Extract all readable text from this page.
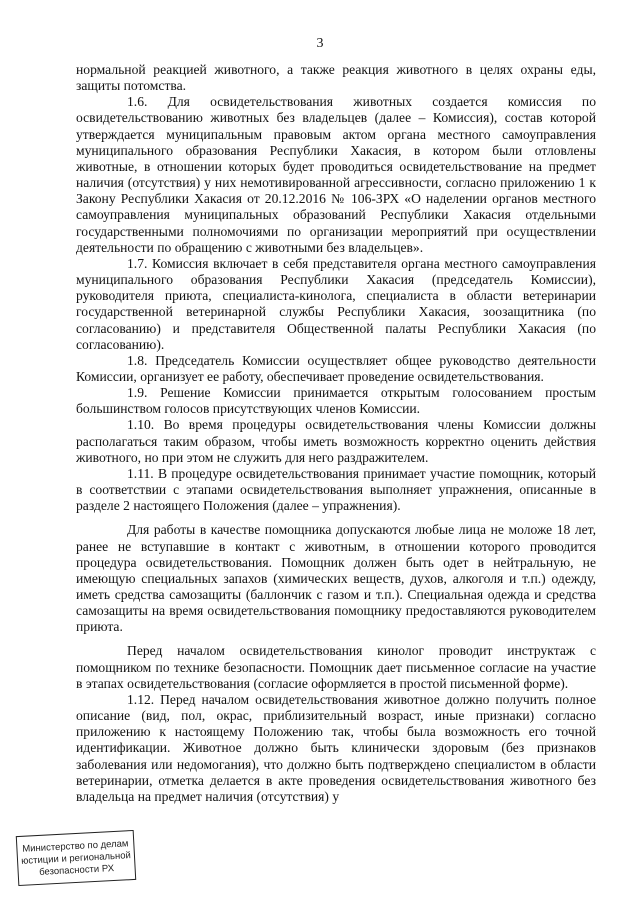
3

нормальной реакцией животного, а также реакция животного в целях охраны еды, защиты потомства.

1.6. Для освидетельствования животных создается комиссия по освидетельствованию животных без владельцев (далее – Комиссия), состав которой утверждается муниципальным правовым актом органа местного самоуправления муниципального образования Республики Хакасия, в котором были отловлены животные, в отношении которых будет проводиться освидетельствование на предмет наличия (отсутствия) у них немотивированной агрессивности, согласно приложению 1 к Закону Республики Хакасия от 20.12.2016 № 106-ЗРХ «О наделении органов местного самоуправления муниципальных образований Республики Хакасия отдельными государственными полномочиями по организации мероприятий при осуществлении деятельности по обращению с животными без владельцев».

1.7. Комиссия включает в себя представителя органа местного самоуправления муниципального образования Республики Хакасия (председатель Комиссии), руководителя приюта, специалиста-кинолога, специалиста в области ветеринарии государственной ветеринарной службы Республики Хакасия, зоозащитника (по согласованию) и представителя Общественной палаты Республики Хакасия (по согласованию).

1.8. Председатель Комиссии осуществляет общее руководство деятельности Комиссии, организует ее работу, обеспечивает проведение освидетельствования.

1.9. Решение Комиссии принимается открытым голосованием простым большинством голосов присутствующих членов Комиссии.

1.10. Во время процедуры освидетельствования члены Комиссии должны располагаться таким образом, чтобы иметь возможность корректно оценить действия животного, но при этом не служить для него раздражителем.

1.11. В процедуре освидетельствования принимает участие помощник, который в соответствии с этапами освидетельствования выполняет упражнения, описанные в разделе 2 настоящего Положения (далее – упражнения).

Для работы в качестве помощника допускаются любые лица не моложе 18 лет, ранее не вступавшие в контакт с животным, в отношении которого проводится процедура освидетельствования. Помощник должен быть одет в нейтральную, не имеющую специальных запахов (химических веществ, духов, алкоголя и т.п.) одежду, иметь средства самозащиты (баллончик с газом и т.п.). Специальная одежда и средства самозащиты на время освидетельствования помощнику предоставляются руководителем приюта.

Перед началом освидетельствования кинолог проводит инструктаж с помощником по технике безопасности. Помощник дает письменное согласие на участие в этапах освидетельствования (согласие оформляется в простой письменной форме).

1.12. Перед началом освидетельствования животное должно получить полное описание (вид, пол, окрас, приблизительный возраст, иные признаки) согласно приложению к настоящему Положению так, чтобы была возможность его точной идентификации. Животное должно быть клинически здоровым (без признаков заболевания или недомогания), что должно быть подтверждено специалистом в области ветеринарии, отметка делается в акте проведения освидетельствования животного без владельца на предмет наличия (отсутствия) у

Министерство по делам
юстиции и региональной
безопасности РХ
